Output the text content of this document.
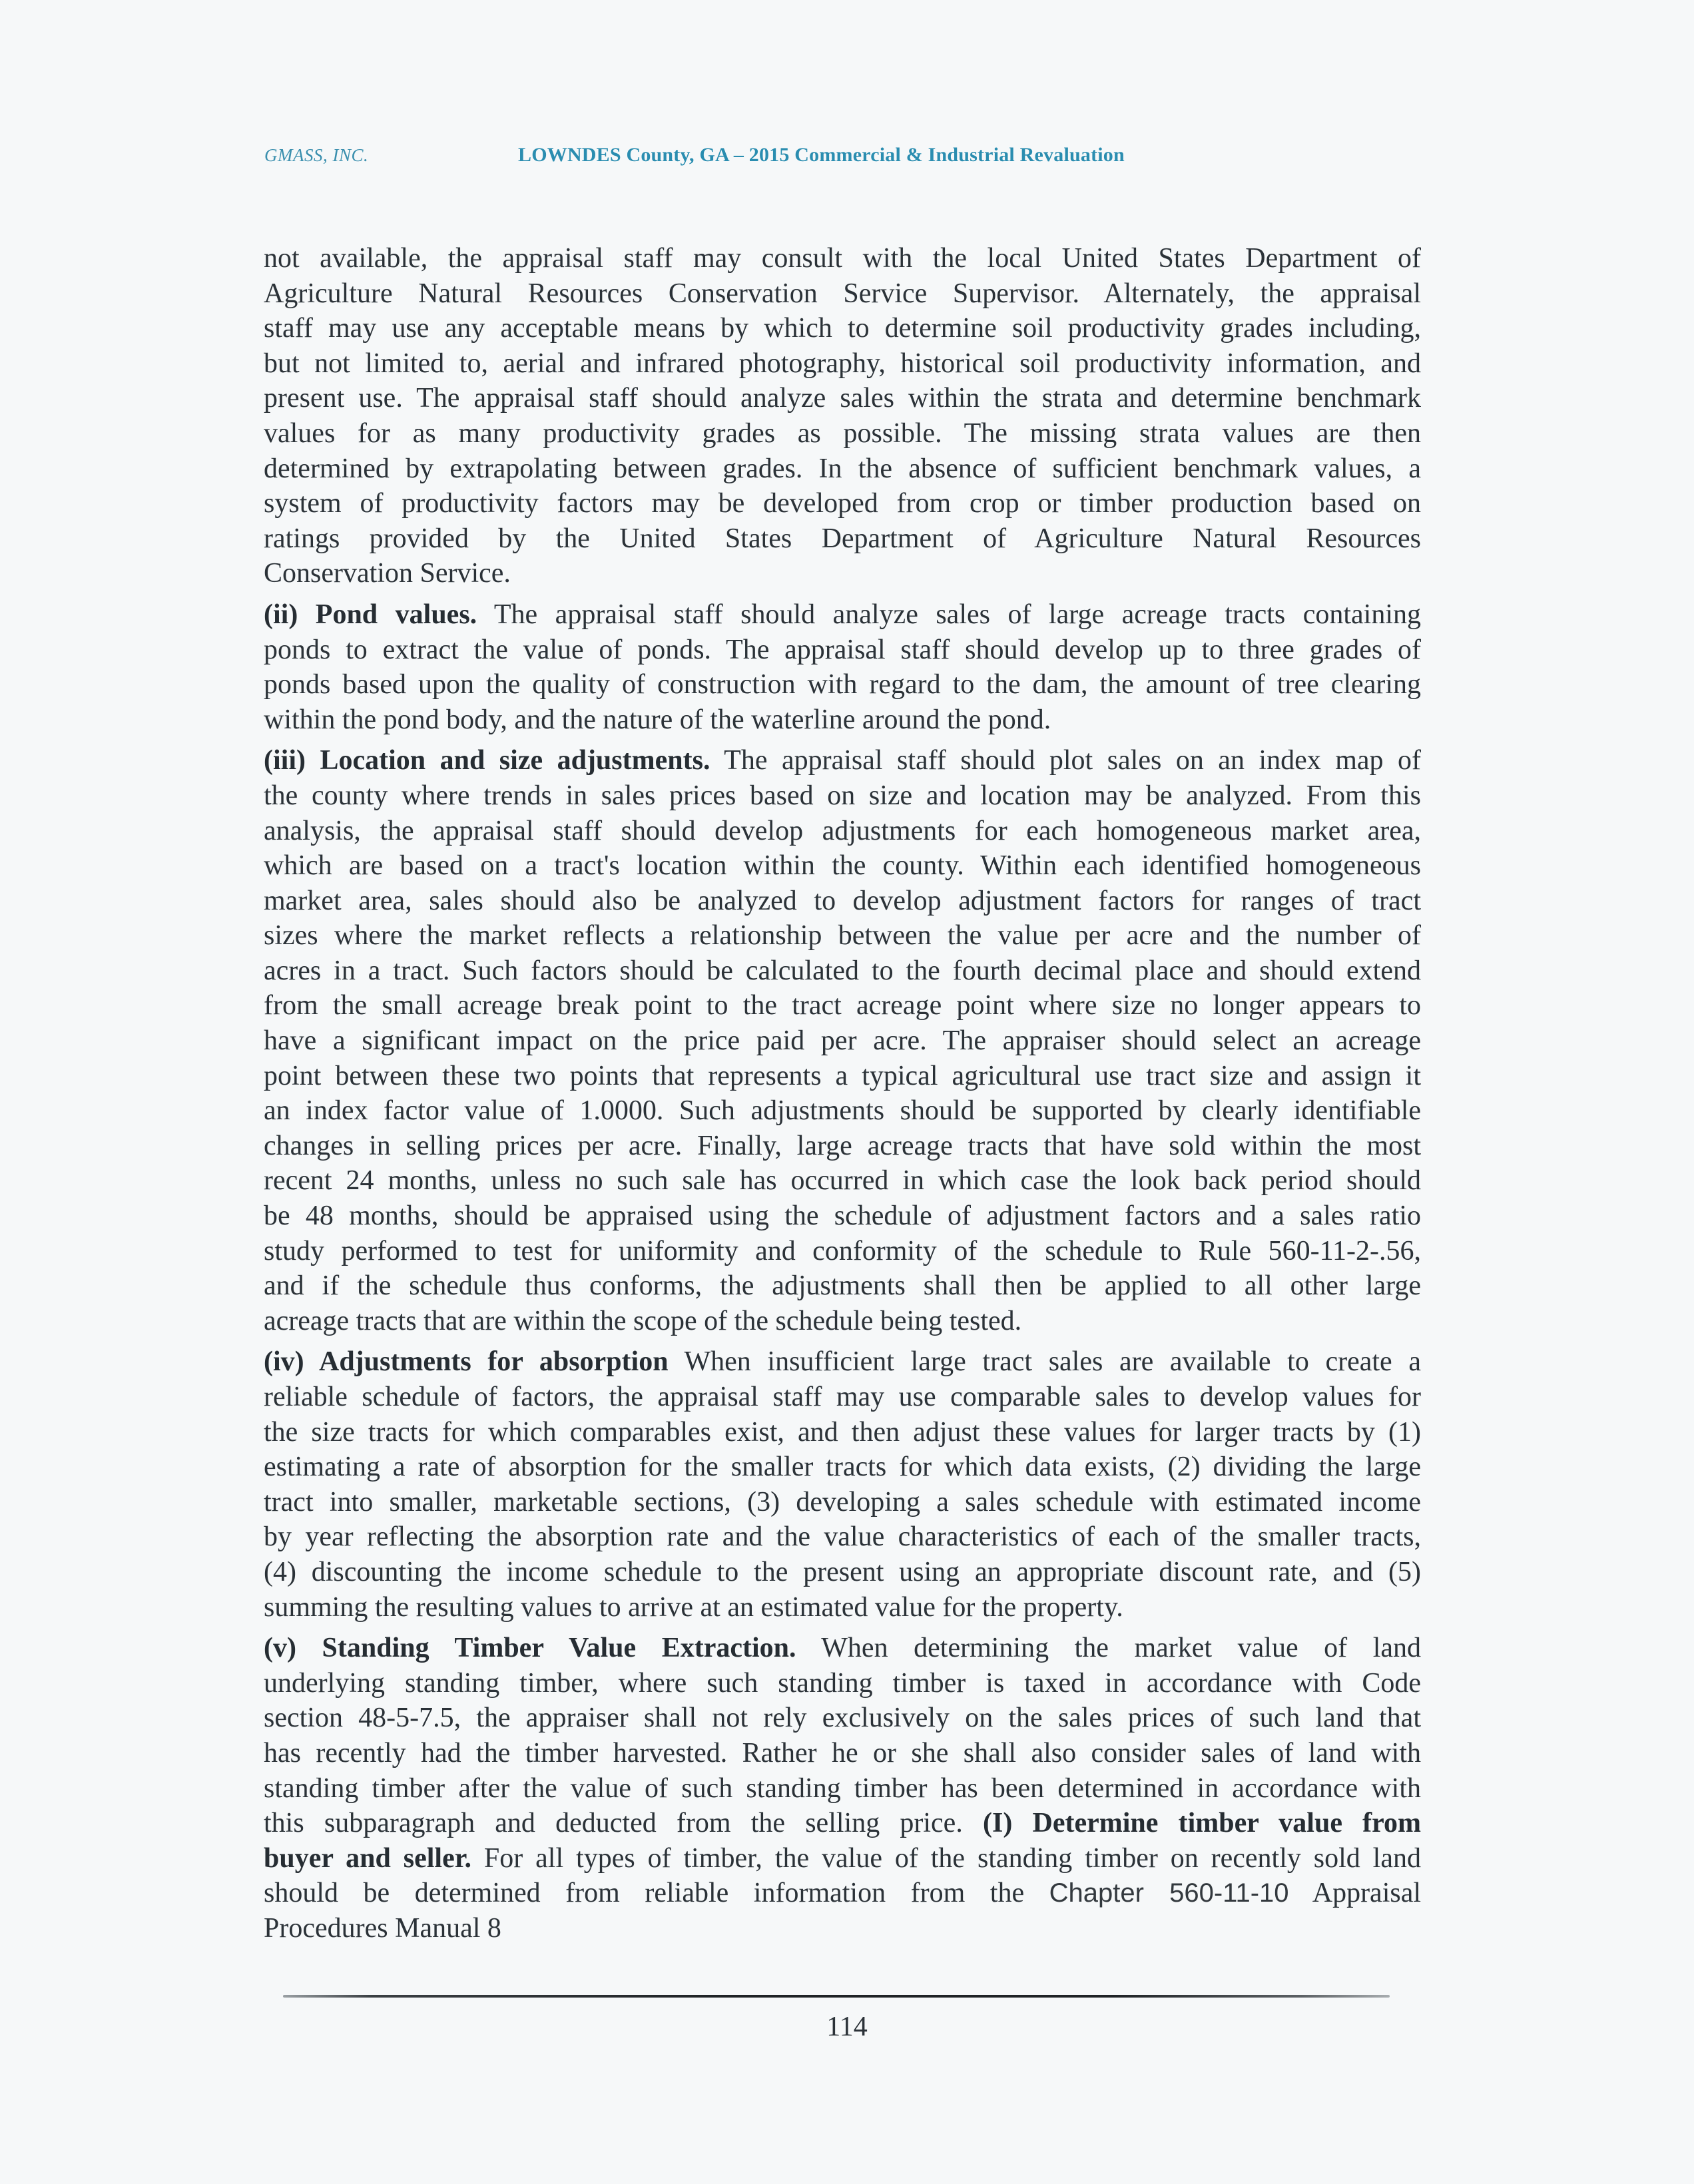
GMASS, INC.	LOWNDES County, GA – 2015 Commercial & Industrial Revaluation

not available, the appraisal staff may consult with the local United States Department of
Agriculture Natural Resources Conservation Service Supervisor. Alternately, the appraisal
staff may use any acceptable means by which to determine soil productivity grades including,
but not limited to, aerial and infrared photography, historical soil productivity information, and
present use. The appraisal staff should analyze sales within the strata and determine benchmark
values for as many productivity grades as possible. The missing strata values are then
determined by extrapolating between grades. In the absence of sufficient benchmark values, a
system of productivity factors may be developed from crop or timber production based on
ratings provided by the United States Department of Agriculture Natural Resources
Conservation Service.

(ii) Pond values. The appraisal staff should analyze sales of large acreage tracts containing
ponds to extract the value of ponds. The appraisal staff should develop up to three grades of
ponds based upon the quality of construction with regard to the dam, the amount of tree clearing
within the pond body, and the nature of the waterline around the pond.

(iii) Location and size adjustments. The appraisal staff should plot sales on an index map of
the county where trends in sales prices based on size and location may be analyzed. From this
analysis, the appraisal staff should develop adjustments for each homogeneous market area,
which are based on a tract's location within the county. Within each identified homogeneous
market area, sales should also be analyzed to develop adjustment factors for ranges of tract
sizes where the market reflects a relationship between the value per acre and the number of
acres in a tract. Such factors should be calculated to the fourth decimal place and should extend
from the small acreage break point to the tract acreage point where size no longer appears to
have a significant impact on the price paid per acre. The appraiser should select an acreage
point between these two points that represents a typical agricultural use tract size and assign it
an index factor value of 1.0000. Such adjustments should be supported by clearly identifiable
changes in selling prices per acre. Finally, large acreage tracts that have sold within the most
recent 24 months, unless no such sale has occurred in which case the look back period should
be 48 months, should be appraised using the schedule of adjustment factors and a sales ratio
study performed to test for uniformity and conformity of the schedule to Rule 560-11-2-.56,
and if the schedule thus conforms, the adjustments shall then be applied to all other large
acreage tracts that are within the scope of the schedule being tested.

(iv) Adjustments for absorption When insufficient large tract sales are available to create a
reliable schedule of factors, the appraisal staff may use comparable sales to develop values for
the size tracts for which comparables exist, and then adjust these values for larger tracts by (1)
estimating a rate of absorption for the smaller tracts for which data exists, (2) dividing the large
tract into smaller, marketable sections, (3) developing a sales schedule with estimated income
by year reflecting the absorption rate and the value characteristics of each of the smaller tracts,
(4) discounting the income schedule to the present using an appropriate discount rate, and (5)
summing the resulting values to arrive at an estimated value for the property.

(v) Standing Timber Value Extraction. When determining the market value of land
underlying standing timber, where such standing timber is taxed in accordance with Code
section 48-5-7.5, the appraiser shall not rely exclusively on the sales prices of such land that
has recently had the timber harvested. Rather he or she shall also consider sales of land with
standing timber after the value of such standing timber has been determined in accordance with
this subparagraph and deducted from the selling price. (I) Determine timber value from
buyer and seller. For all types of timber, the value of the standing timber on recently sold land
should be determined from reliable information from the Chapter 560-11-10 Appraisal
Procedures Manual 8

114
